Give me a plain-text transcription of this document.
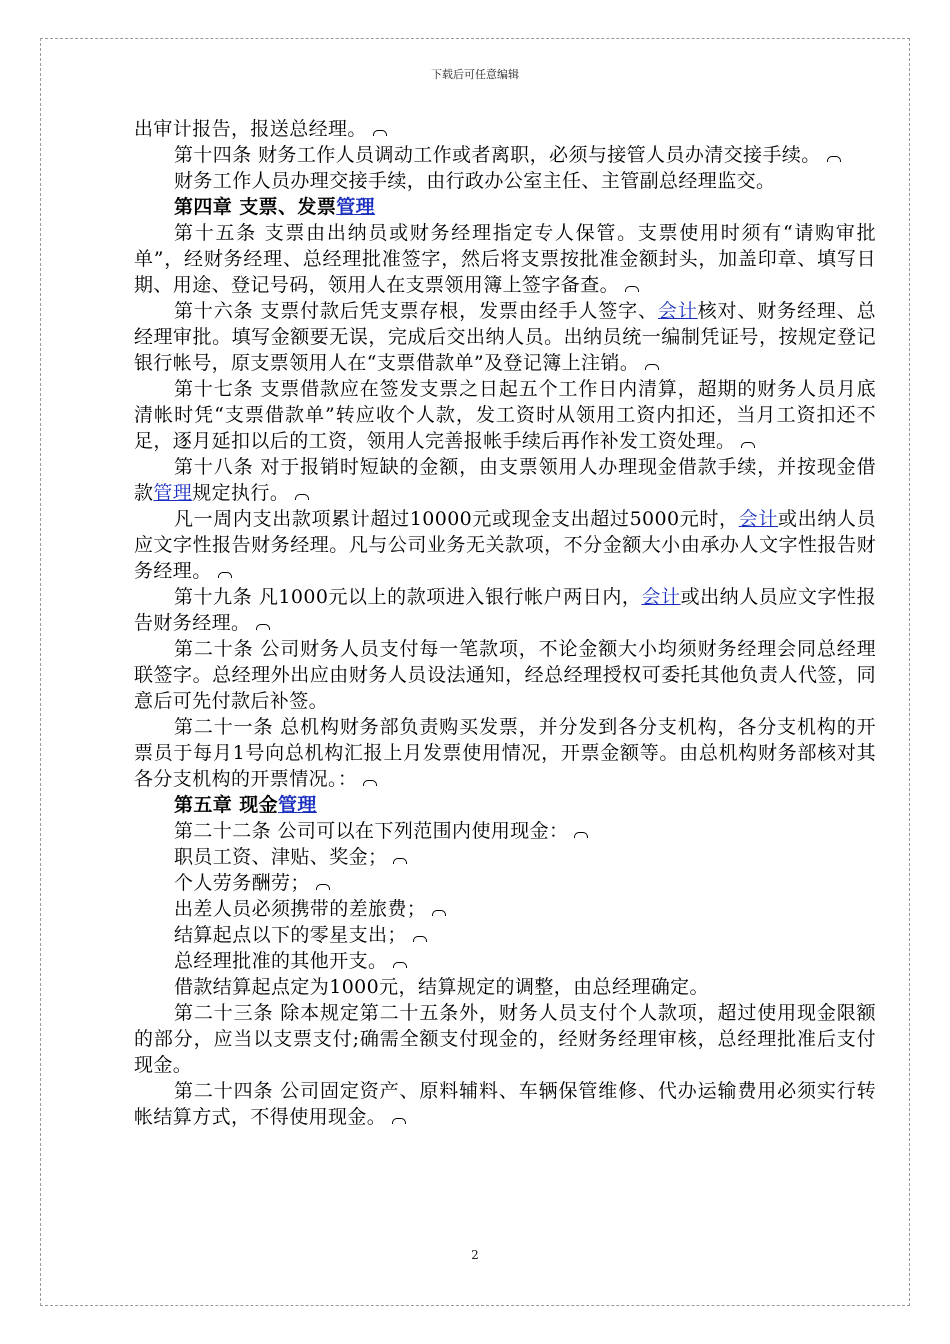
下载后可任意编辑

出审计报告，报送总经理。

第十四条 财务工作人员调动工作或者离职，必须与接管人员办清交接手续。

财务工作人员办理交接手续，由行政办公室主任、主管副总经理监交。

第四章 支票、发票管理

第十五条 支票由出纳员或财务经理指定专人保管。支票使用时须有“请购审批单”，经财务经理、总经理批准签字，然后将支票按批准金额封头，加盖印章、填写日期、用途、登记号码，领用人在支票领用簿上签字备查。

第十六条 支票付款后凭支票存根，发票由经手人签字、会计核对、财务经理、总经理审批。填写金额要无误，完成后交出纳人员。出纳员统一编制凭证号，按规定登记银行帐号，原支票领用人在“支票借款单”及登记簿上注销。

第十七条 支票借款应在签发支票之日起五个工作日内清算，超期的财务人员月底清帐时凭“支票借款单”转应收个人款，发工资时从领用工资内扣还，当月工资扣还不足，逐月延扣以后的工资，领用人完善报帐手续后再作补发工资处理。

第十八条 对于报销时短缺的金额，由支票领用人办理现金借款手续，并按现金借款管理规定执行。

凡一周内支出款项累计超过10000元或现金支出超过5000元时，会计或出纳人员应文字性报告财务经理。凡与公司业务无关款项，不分金额大小由承办人文字性报告财务经理。

第十九条 凡1000元以上的款项进入银行帐户两日内，会计或出纳人员应文字性报告财务经理。

第二十条 公司财务人员支付每一笔款项，不论金额大小均须财务经理会同总经理联签字。总经理外出应由财务人员设法通知，经总经理授权可委托其他负责人代签，同意后可先付款后补签。

第二十一条 总机构财务部负责购买发票，并分发到各分支机构，各分支机构的开票员于每月1号向总机构汇报上月发票使用情况，开票金额等。由总机构财务部核对其各分支机构的开票情况。：

第五章 现金管理

第二十二条 公司可以在下列范围内使用现金：

职员工资、津贴、奖金；

个人劳务酬劳；

出差人员必须携带的差旅费；

结算起点以下的零星支出；

总经理批准的其他开支。

借款结算起点定为1000元，结算规定的调整，由总经理确定。

第二十三条 除本规定第二十五条外，财务人员支付个人款项，超过使用现金限额的部分，应当以支票支付;确需全额支付现金的，经财务经理审核，总经理批准后支付现金。

第二十四条 公司固定资产、原料辅料、车辆保管维修、代办运输费用必须实行转帐结算方式，不得使用现金。

2
